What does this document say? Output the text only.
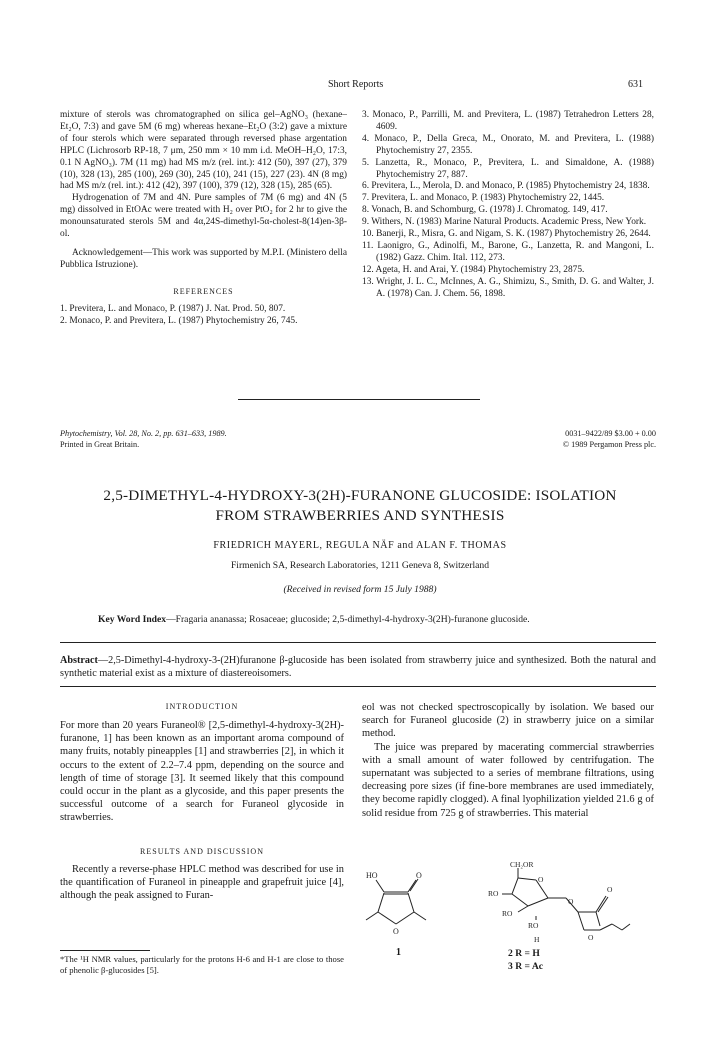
Short Reports	631

mixture of sterols was chromatographed on silica gel–AgNO₃ (hexane–Et₂O, 7:3) and gave 5M (6 mg) whereas hexane–Et₂O (3:2) gave a mixture of four sterols which were separated through reversed phase argentation HPLC (Lichrosorb RP-18, 7 μm, 250 mm × 10 mm i.d. MeOH–H₂O, 17:3, 0.1 N AgNO₃). 7M (11 mg) had MS m/z (rel. int.): 412 (50), 397 (27), 379 (10), 328 (13), 285 (100), 269 (30), 245 (10), 241 (15), 227 (23). 4N (8 mg) had MS m/z (rel. int.): 412 (42), 397 (100), 379 (12), 328 (15), 285 (65).

Hydrogenation of 7M and 4N. Pure samples of 7M (6 mg) and 4N (5 mg) dissolved in EtOAc were treated with H₂ over PtO₂ for 2 hr to give the monounsaturated sterols 5M and 4α,24S-dimethyl-5α-cholest-8(14)en-3β-ol.

Acknowledgement—This work was supported by M.P.I. (Ministero della Pubblica Istruzione).

REFERENCES

1. Previtera, L. and Monaco, P. (1987) J. Nat. Prod. 50, 807.

2. Monaco, P. and Previtera, L. (1987) Phytochemistry 26, 745.

3. Monaco, P., Parrilli, M. and Previtera, L. (1987) Tetrahedron Letters 28, 4609.

4. Monaco, P., Della Greca, M., Onorato, M. and Previtera, L. (1988) Phytochemistry 27, 2355.

5. Lanzetta, R., Monaco, P., Previtera, L. and Simaldone, A. (1988) Phytochemistry 27, 887.

6. Previtera, L., Merola, D. and Monaco, P. (1985) Phytochemistry 24, 1838.

7. Previtera, L. and Monaco, P. (1983) Phytochemistry 22, 1445.

8. Vonach, B. and Schomburg, G. (1978) J. Chromatog. 149, 417.

9. Withers, N. (1983) Marine Natural Products. Academic Press, New York.

10. Banerji, R., Misra, G. and Nigam, S. K. (1987) Phytochemistry 26, 2644.

11. Laonigro, G., Adinolfi, M., Barone, G., Lanzetta, R. and Mangoni, L. (1982) Gazz. Chim. Ital. 112, 273.

12. Ageta, H. and Arai, Y. (1984) Phytochemistry 23, 2875.

13. Wright, J. L. C., McInnes, A. G., Shimizu, S., Smith, D. G. and Walter, J. A. (1978) Can. J. Chem. 56, 1898.

Phytochemistry, Vol. 28, No. 2, pp. 631–633, 1989.
Printed in Great Britain.
0031–9422/89 $3.00 + 0.00
© 1989 Pergamon Press plc.
2,5-DIMETHYL-4-HYDROXY-3(2H)-FURANONE GLUCOSIDE: ISOLATION
FROM STRAWBERRIES AND SYNTHESIS
FRIEDRICH MAYERL, REGULA NÄF and ALAN F. THOMAS
Firmenich SA, Research Laboratories, 1211 Geneva 8, Switzerland
(Received in revised form 15 July 1988)
Key Word Index—Fragaria ananassa; Rosaceae; glucoside; 2,5-dimethyl-4-hydroxy-3(2H)-furanone glucoside.
Abstract—2,5-Dimethyl-4-hydroxy-3-(2H)furanone β-glucoside has been isolated from strawberry juice and synthesized. Both the natural and synthetic material exist as a mixture of diastereoisomers.

INTRODUCTION

For more than 20 years Furaneol® [2,5-dimethyl-4-hydroxy-3(2H)-furanone, 1] has been known as an important aroma compound of many fruits, notably pineapples [1] and strawberries [2], in which it occurs to the extent of 2.2–7.4 ppm, depending on the source and length of time of storage [3]. It seemed likely that this compound could occur in the plant as a glycoside, and this paper presents the successful outcome of a search for Furaneol glycoside in strawberries.

RESULTS AND DISCUSSION

Recently a reverse-phase HPLC method was described for use in the quantification of Furaneol in pineapple and grapefruit juice [4], although the peak assigned to Furan-

*The ¹H NMR values, particularly for the protons H-6 and H-1 are close to those of phenolic β-glucosides [5].

eol was not checked spectroscopically by isolation. We based our search for Furaneol glucoside (2) in strawberry juice on a similar method.

The juice was prepared by macerating commercial strawberries with a small amount of water followed by centrifugation. The supernatant was subjected to a series of membrane filtrations, using decreasing pore sizes (if fine-bore membranes are used immediately, they become rapidly clogged). A final lyophilization yielded 21.6 g of solid residue from 725 g of strawberries. This material

HO	O
O
1
CH₂OR
O
RO
RO
RO
H
O
O
O
2 R = H
3 R = Ac
